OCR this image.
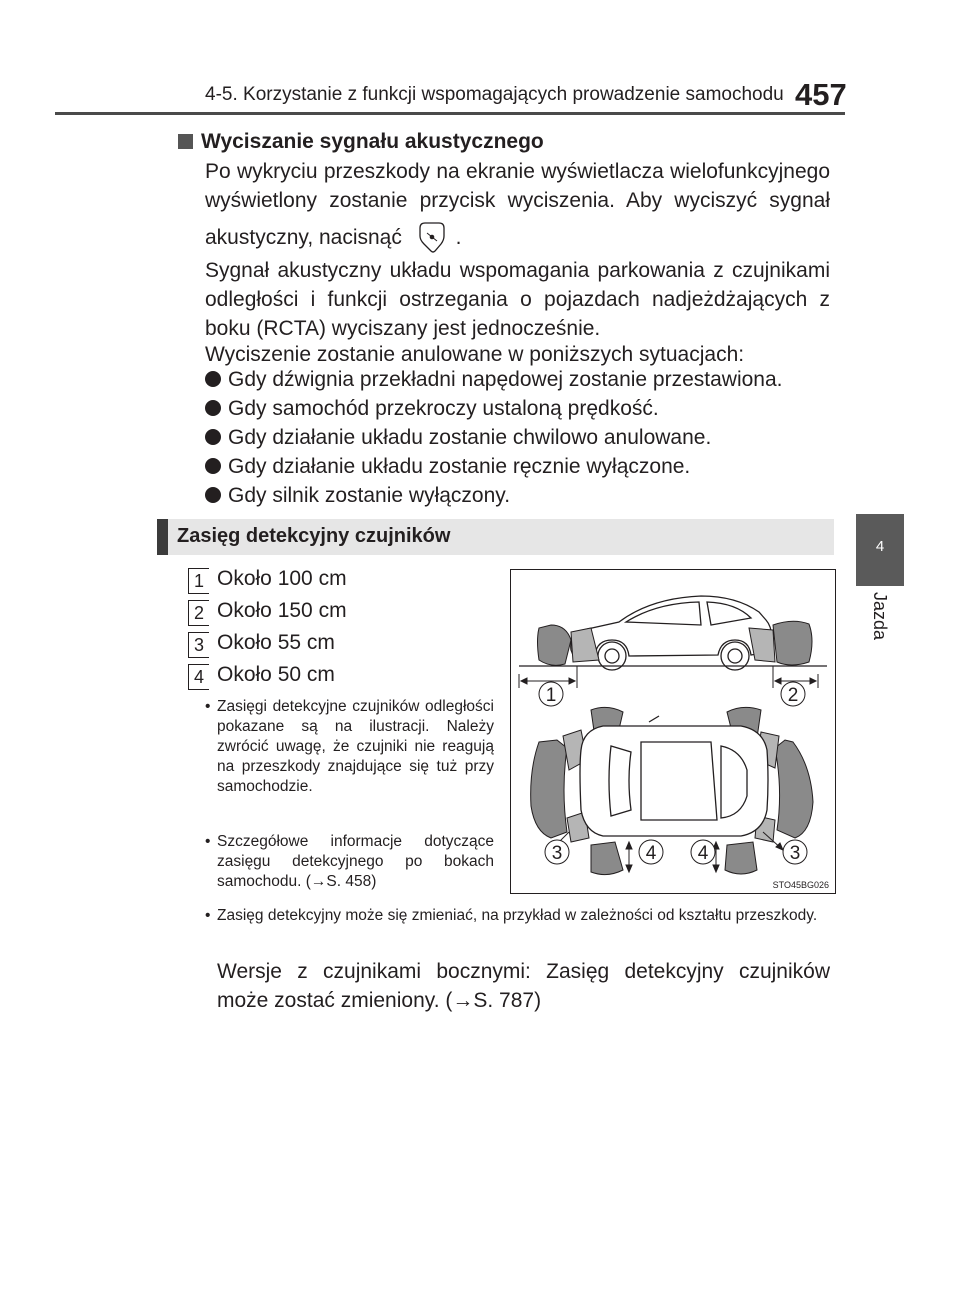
4-5. Korzystanie z funkcji wspomagających prowadzenie samochodu 457
4
Jazda
Wyciszanie sygnału akustycznego
Po wykryciu przeszkody na ekranie wyświetlacza wielofunkcyjnego
wyświetlony zostanie przycisk wyciszenia. Aby wyciszyć sygnał
akustyczny, nacisnąć	.
Sygnał akustyczny układu wspomagania parkowania z czujnikami odległości i funkcji ostrzegania o pojazdach nadjeżdżających z boku (RCTA) wyciszany jest jednocześnie.
Wyciszenie zostanie anulowane w poniższych sytuacjach:
Gdy dźwignia przekładni napędowej zostanie przestawiona.
Gdy samochód przekroczy ustaloną prędkość.
Gdy działanie układu zostanie chwilowo anulowane.
Gdy działanie układu zostanie ręcznie wyłączone.
Gdy silnik zostanie wyłączony.
Zasięg detekcyjny czujników
1 Około 100 cm
2 Około 150 cm
3 Około 55 cm
4 Około 50 cm
• Zasięgi detekcyjne czujników odległości pokazane są na ilustracji. Należy zwrócić uwagę, że czujniki nie reagują na przeszkody znajdujące się tuż przy samochodzie.
• Szczegółowe informacje dotyczące zasięgu detekcyjnego po bokach samochodu. (→S. 458)
• Zasięg detekcyjny może się zmieniać, na przykład w zależności od kształtu przeszkody.
Wersje z czujnikami bocznymi: Zasięg detekcyjny czujników może zostać zmieniony. (→S. 787)
1	2
3	4 4	3
STO45BG026
